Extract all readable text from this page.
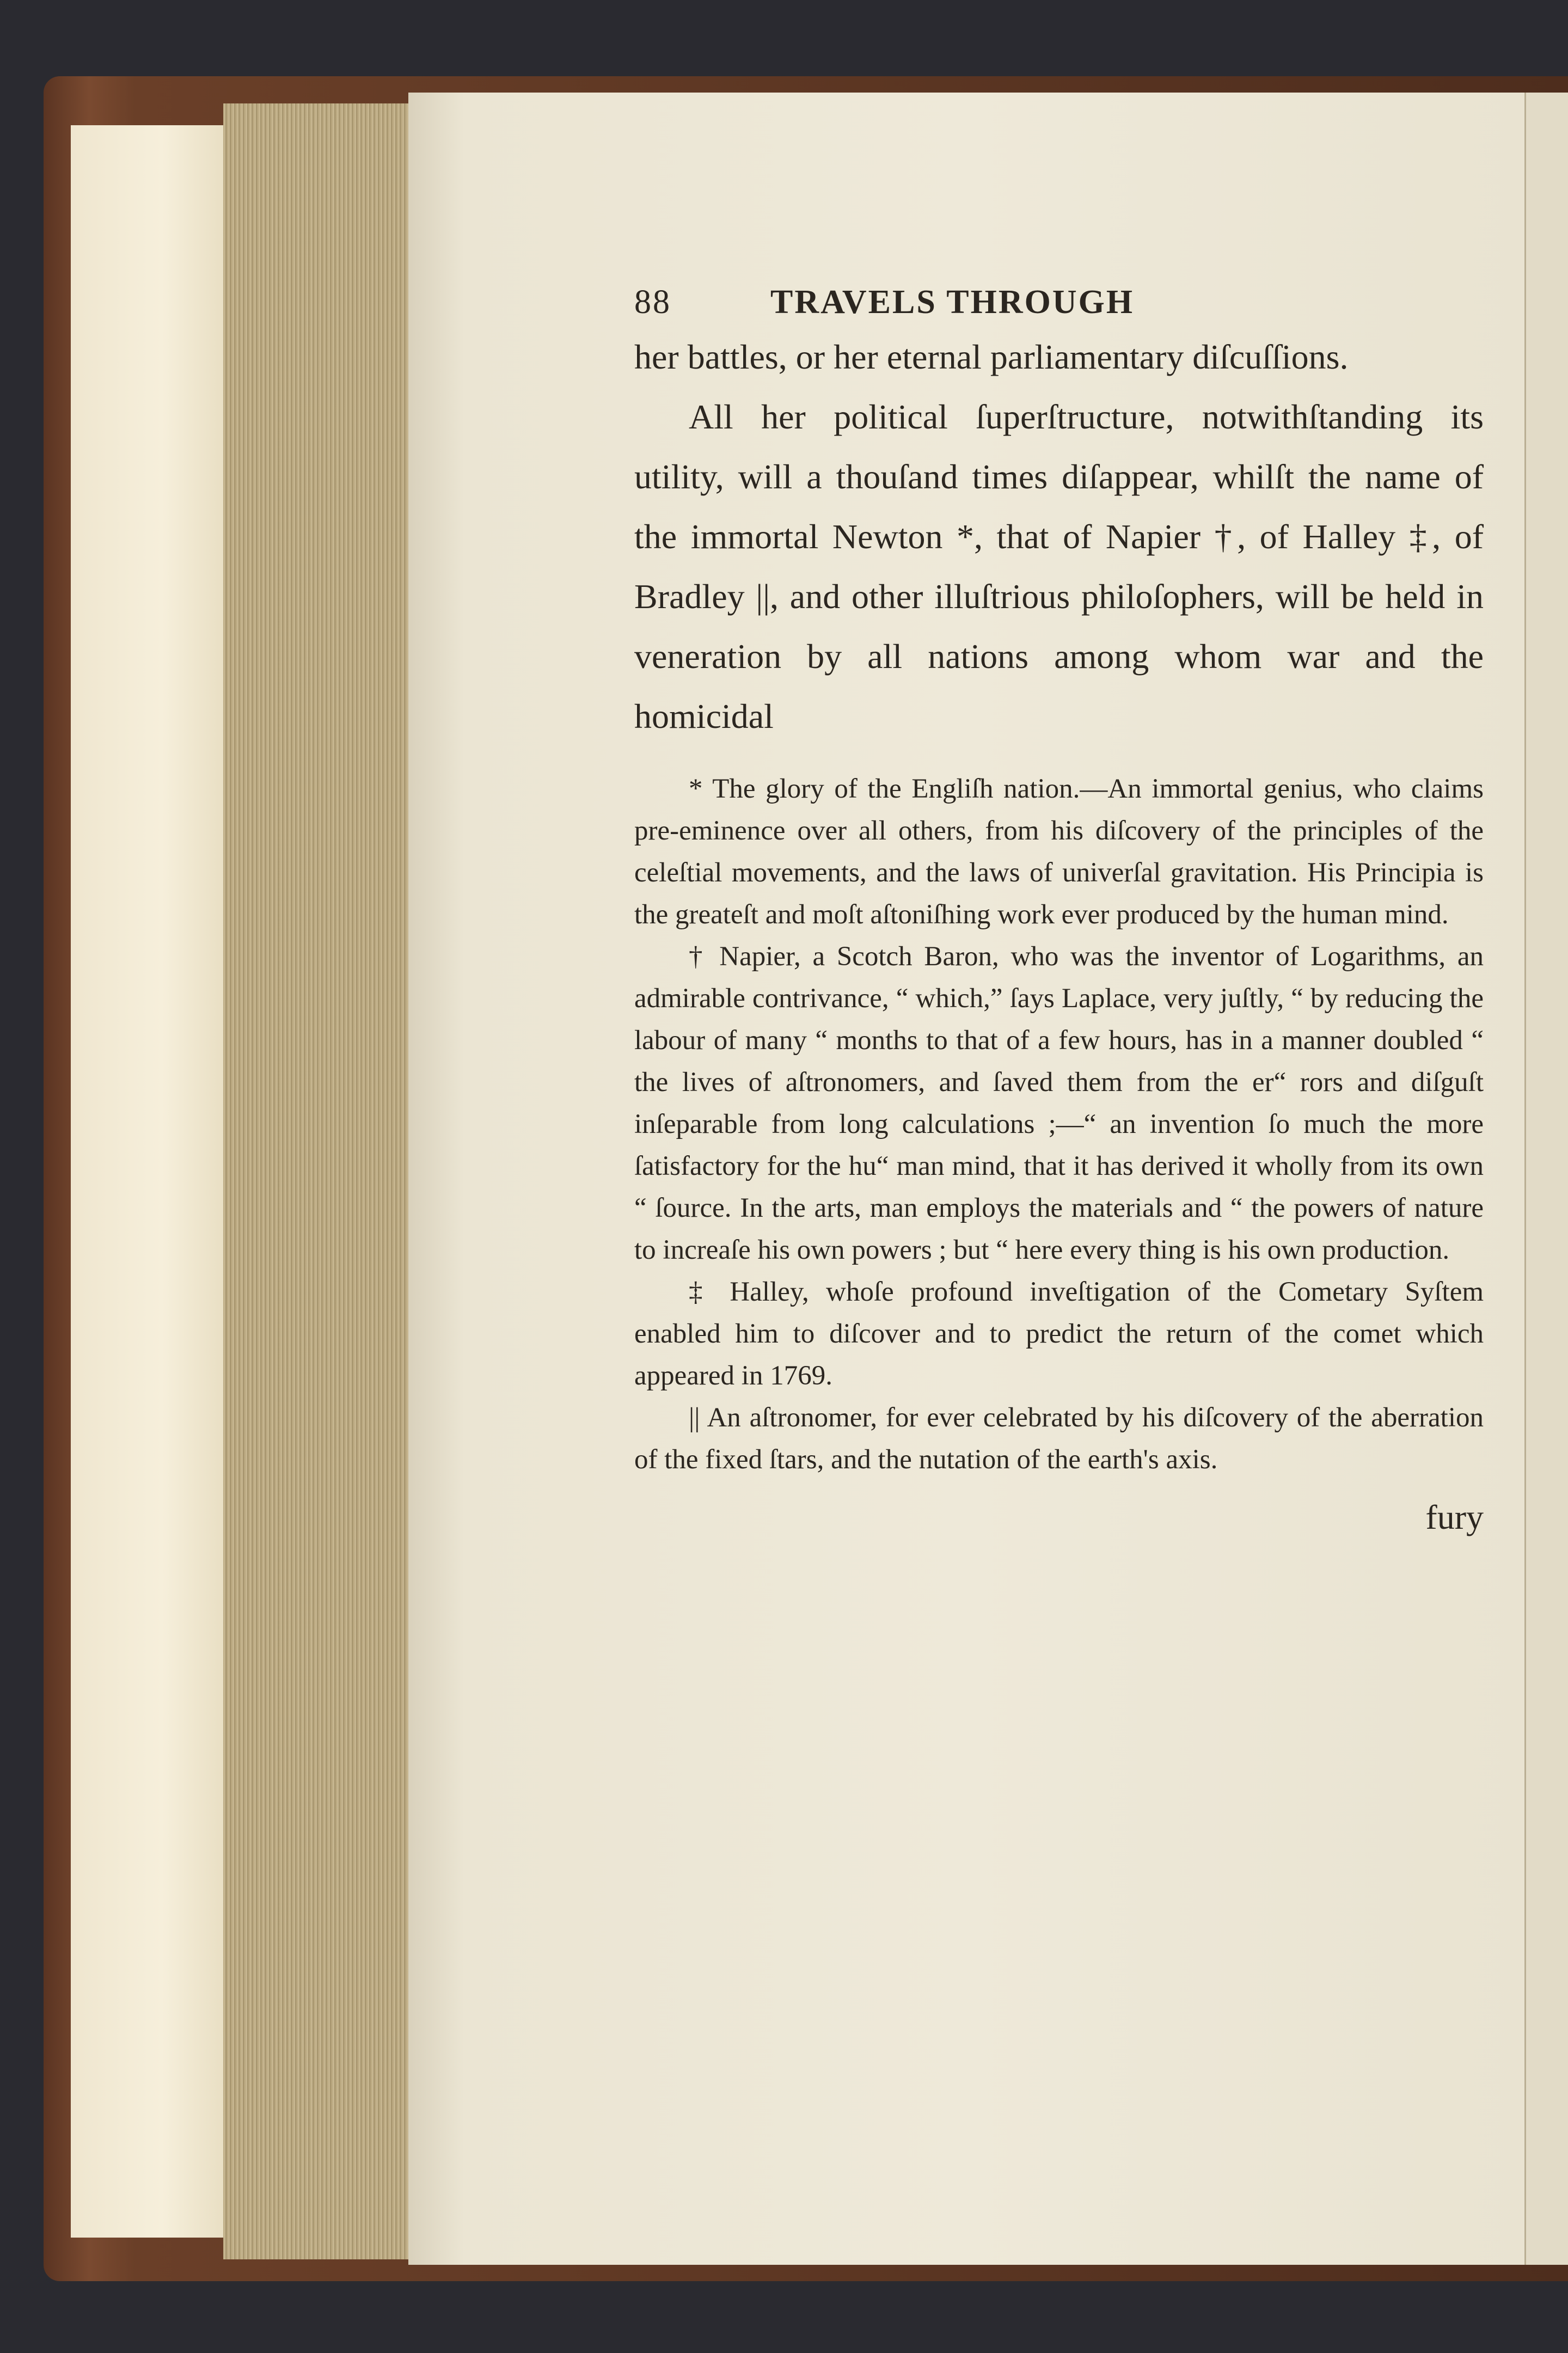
88	TRAVELS THROUGH

her battles, or her eternal parliamentary diſcuſſions.

All her political ſuperſtructure, notwithſtanding its utility, will a thouſand times diſappear, whilſt the name of the immortal Newton *, that of Napier †, of Halley ‡, of Bradley ||, and other illuſtrious philoſophers, will be held in veneration by all nations among whom war and the homicidal

* The glory of the Engliſh nation.—An immortal genius, who claims pre-eminence over all others, from his diſcovery of the principles of the celeſtial movements, and the laws of univerſal gravitation. His Principia is the greateſt and moſt aſtoniſhing work ever produced by the human mind.

† Napier, a Scotch Baron, who was the inventor of Logarithms, an admirable contrivance, “ which,” ſays Laplace, very juſtly, “ by reducing the labour of many “ months to that of a few hours, has in a manner doubled “ the lives of aſtronomers, and ſaved them from the er“ rors and diſguſt inſeparable from long calculations ;—“ an invention ſo much the more ſatisfactory for the hu“ man mind, that it has derived it wholly from its own “ ſource. In the arts, man employs the materials and “ the powers of nature to increaſe his own powers ; but “ here every thing is his own production.

‡ Halley, whoſe profound inveſtigation of the Cometary Syſtem enabled him to diſcover and to predict the return of the comet which appeared in 1769.

|| An aſtronomer, for ever celebrated by his diſcovery of the aberration of the fixed ſtars, and the nutation of the earth's axis.

fury
